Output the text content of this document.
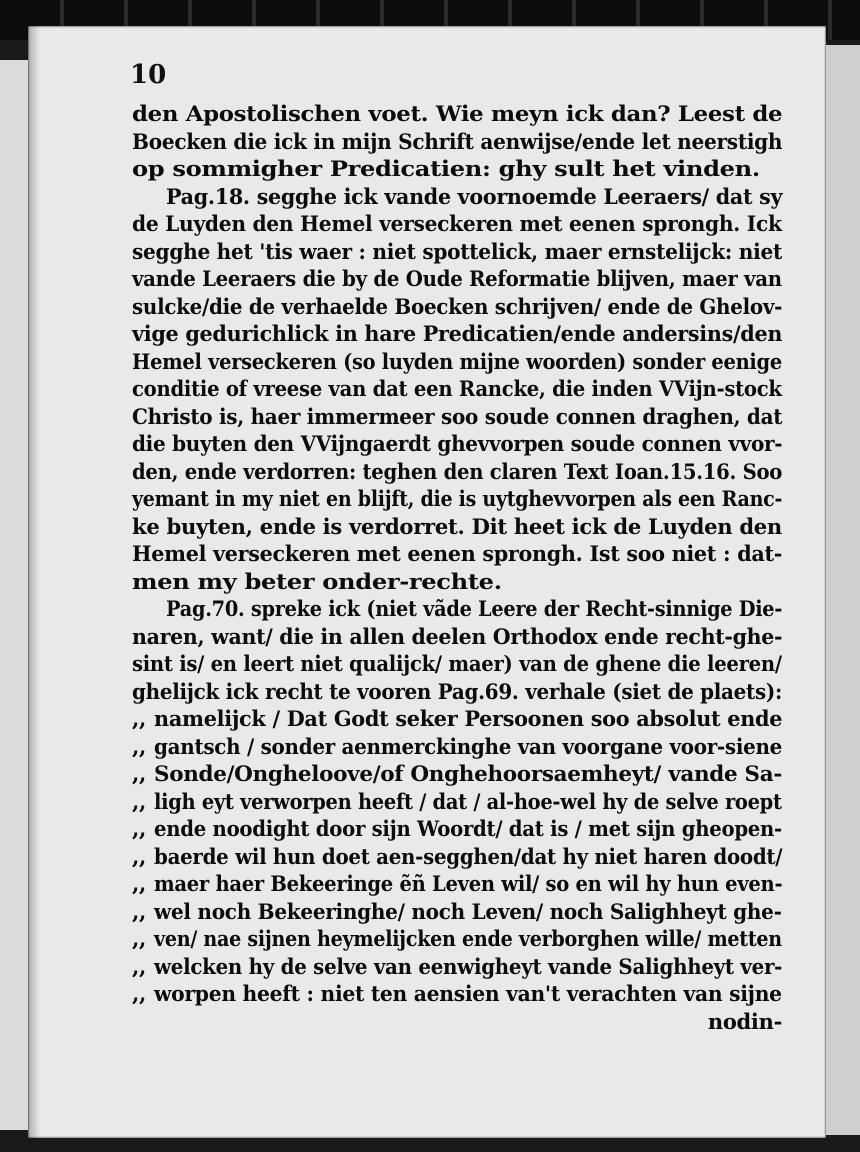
10
den Apostolischen voet. Wie meyn ick dan? Leest de
Boecken die ick in mijn Schrift aenwijse/ende let neerstigh
op sommigher Predicatien: ghy sult het vinden.
Pag.18. segghe ick vande voornoemde Leeraers/ dat sy
de Luyden den Hemel verseckeren met eenen sprongh. Ick
segghe het 'tis waer : niet spottelick, maer ernstelijck: niet
vande Leeraers die by de Oude Reformatie blijven, maer van
sulcke/die de verhaelde Boecken schrijven/ ende de Ghelov-
vige gedurichlick in hare Predicatien/ende andersins/den
Hemel verseckeren (so luyden mijne woorden) sonder eenige
conditie of vreese van dat een Rancke, die inden VVijn-stock
Christo is, haer immermeer soo soude connen draghen, dat
die buyten den VVijngaerdt ghevvorpen soude connen vvor-
den, ende verdorren: teghen den claren Text Ioan.15.16. Soo
yemant in my niet en blijft, die is uytghevvorpen als een Ranc-
ke buyten, ende is verdorret. Dit heet ick de Luyden den
Hemel verseckeren met eenen sprongh. Ist soo niet : dat-
men my beter onder-rechte.
Pag.70. spreke ick (niet vãde Leere der Recht-sinnige Die-
naren, want/ die in allen deelen Orthodox ende recht-ghe-
sint is/ en leert niet qualijck/ maer) van de ghene die leeren/
ghelijck ick recht te vooren Pag.69. verhale (siet de plaets):
,, namelijck / Dat Godt seker Persoonen soo absolut ende
,, gantsch / sonder aenmerckinghe van voorgane voor-siene
,, Sonde/Ongheloove/of Onghehoorsaemheyt/ vande Sa-
,, ligh eyt verworpen heeft / dat / al-hoe-wel hy de selve roept
,, ende noodight door sijn Woordt/ dat is / met sijn gheopen-
,, baerde wil hun doet aen-segghen/dat hy niet haren doodt/
,, maer haer Bekeeringe ẽñ Leven wil/ so en wil hy hun even-
,, wel noch Bekeeringhe/ noch Leven/ noch Salighheyt ghe-
,, ven/ nae sijnen heymelijcken ende verborghen wille/ metten
,, welcken hy de selve van eenwigheyt vande Salighheyt ver-
,, worpen heeft : niet ten aensien van't verachten van sijne
nodin-
